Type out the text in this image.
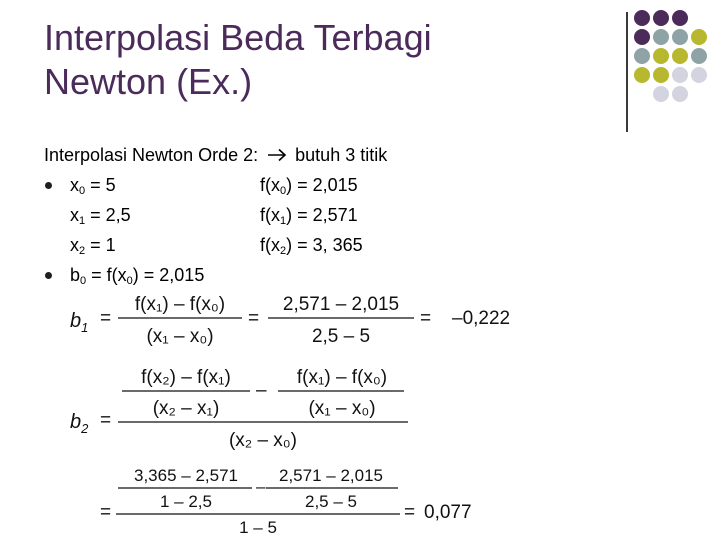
Interpolasi Beda Terbagi
Newton (Ex.)
Interpolasi Newton Orde 2: butuh 3 titik
$x_0 = 5$	$f(x_0) = 2,015$
$x_1 = 2,5$	$f(x_1) = 2,571$
$x_2 = 1$	$f(x_2) = 3$, 365
$b_0 = f(x_0) = 2,015$
$b_1$ =
f(x₁) – f(x₀)
(x₁ – x₀)
=
2,571 – 2,015
2,5 – 5
= –0,222
$b_2$ =
f(x₂) – f(x₁)
(x₂ – x₁)
–
f(x₁) – f(x₀)
(x₁ – x₀)
(x₂ – x₀)
=
3,365 – 2,571
1 – 2,5
–
2,571 – 2,015
2,5 – 5
1 – 5
= 0,077
